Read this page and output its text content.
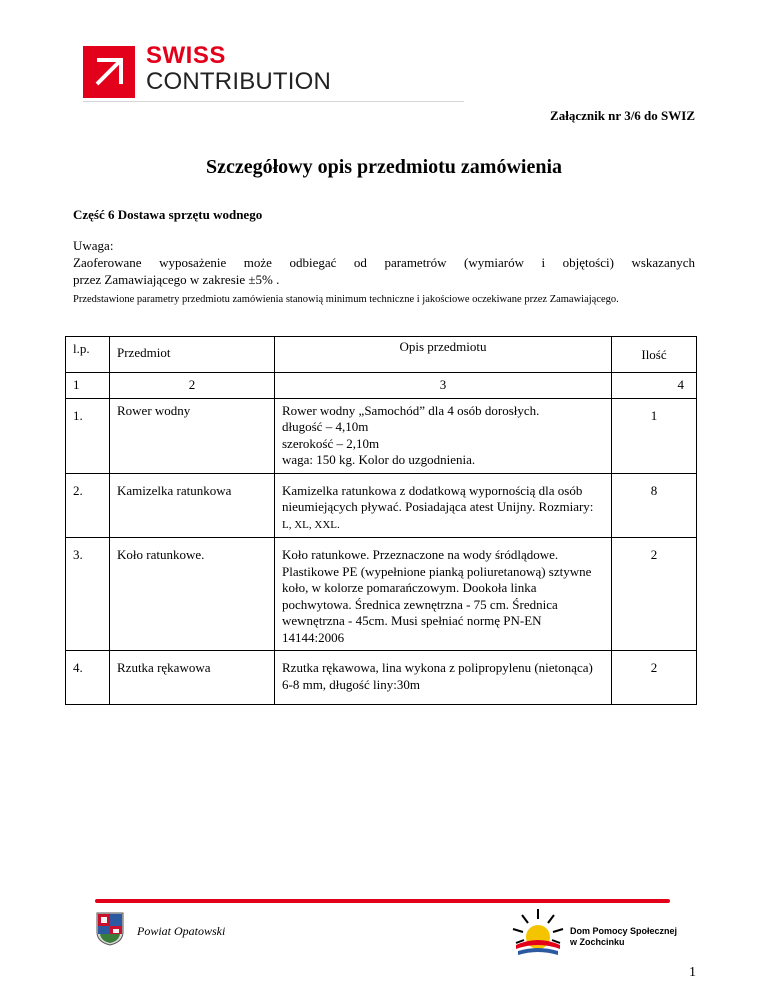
SWISS
CONTRIBUTION
Załącznik nr 3/6 do SWIZ
Szczegółowy opis przedmiotu zamówienia
Część 6 Dostawa sprzętu wodnego
Uwaga:
Zaoferowane wyposażenie może odbiegać od parametrów (wymiarów i objętości) wskazanych
przez Zamawiającego w zakresie ±5% .
Przedstawione parametry przedmiotu zamówienia stanowią minimum techniczne i jakościowe oczekiwane przez Zamawiającego.
l.p.	Przedmiot	Opis przedmiotu	Ilość
1	2	3	4
1.	Rower wodny	Rower wodny „Samochód” dla 4 osób dorosłych.
długość – 4,10m
szerokość – 2,10m
waga: 150 kg. Kolor do uzgodnienia.	1
2.	Kamizelka ratunkowa	Kamizelka ratunkowa z dodatkową wypornością dla osób nieumiejących pływać. Posiadająca atest Unijny. Rozmiary: L, XL, XXL.	8
3.	Koło ratunkowe.	Koło ratunkowe. Przeznaczone na wody śródlądowe. Plastikowe PE (wypełnione pianką poliuretanową) sztywne koło, w kolorze pomarańczowym. Dookoła linka pochwytowa. Średnica zewnętrzna - 75 cm. Średnica wewnętrzna - 45cm. Musi spełniać normę PN-EN 14144:2006	2
4.	Rzutka rękawowa	Rzutka rękawowa, lina wykona z polipropylenu (nietonąca) 6-8 mm, długość liny:30m	2
Powiat Opatowski	Dom Pomocy Społecznej
w Zochcinku
1
